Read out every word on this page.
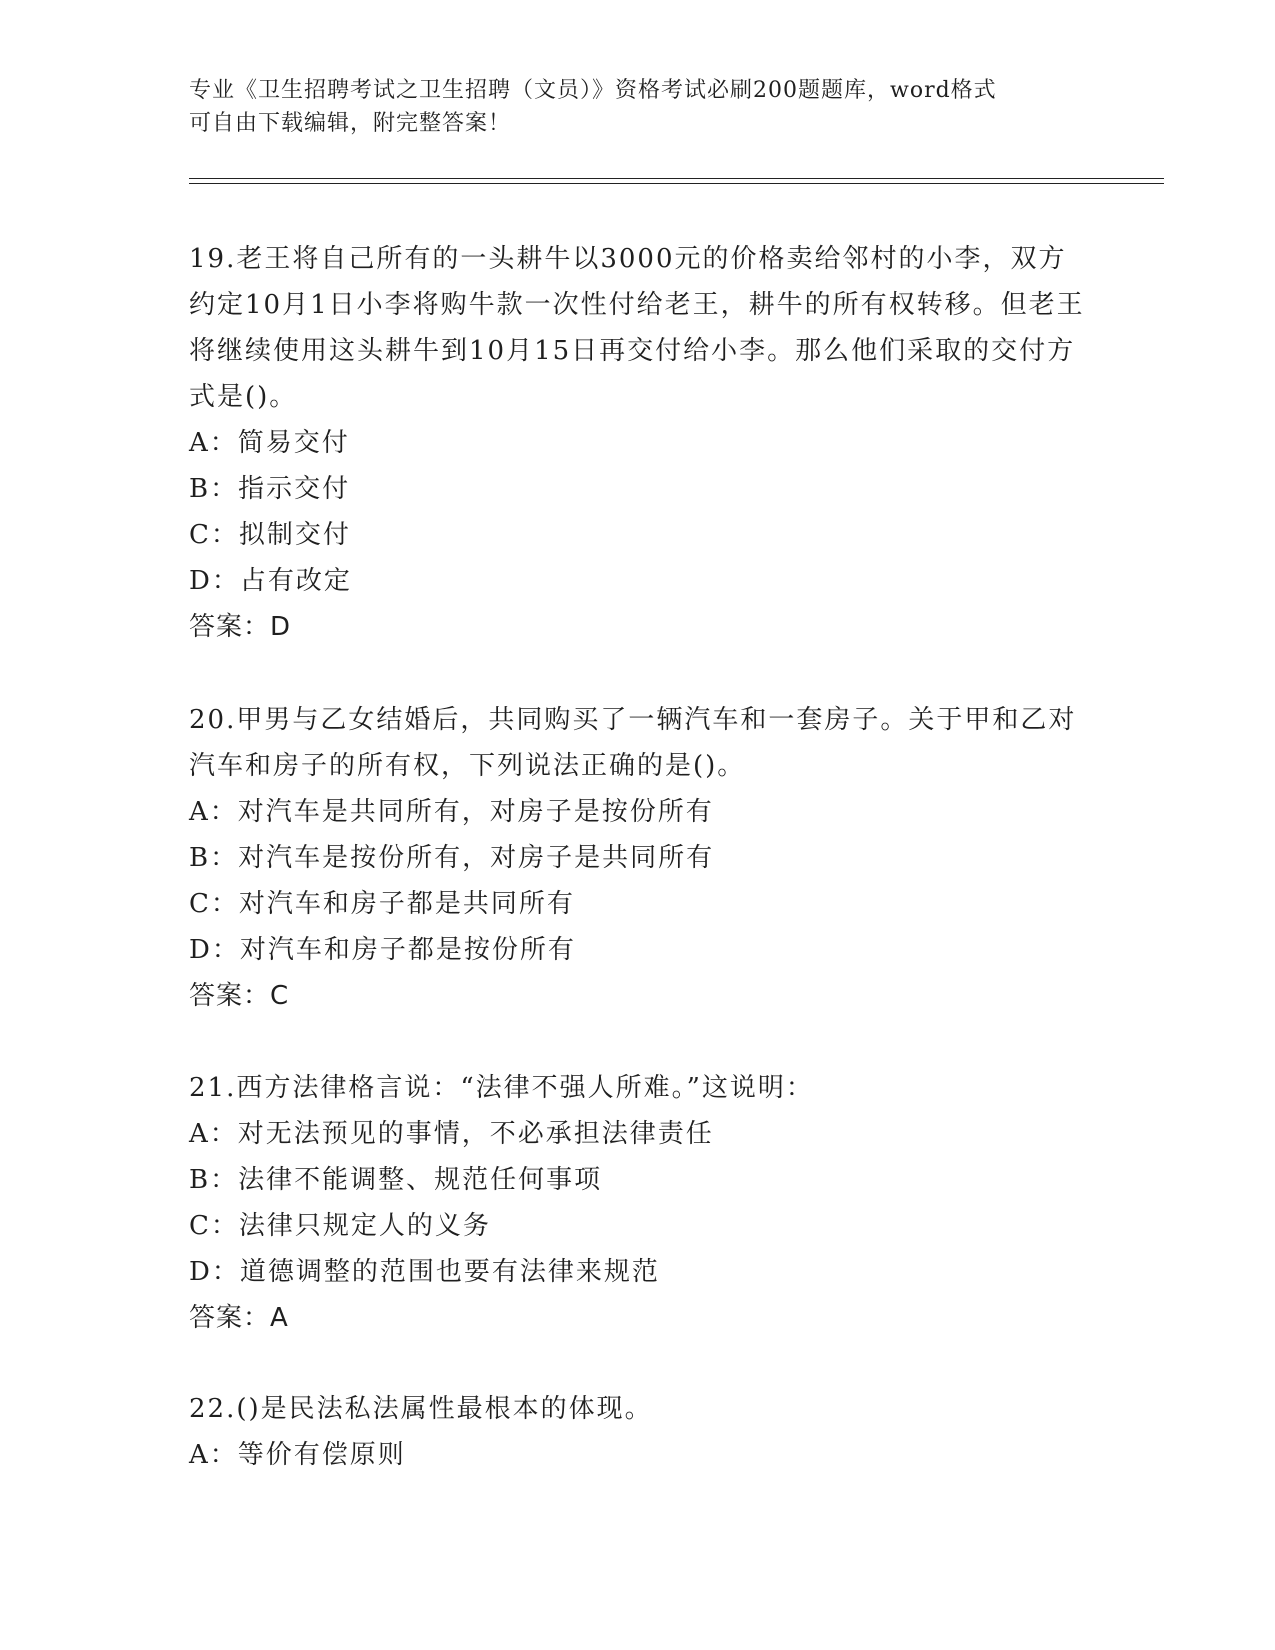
专业《卫生招聘考试之卫生招聘（文员）》资格考试必刷200题题库，word格式
可自由下载编辑，附完整答案！

19.老王将自己所有的一头耕牛以3000元的价格卖给邻村的小李，双方约定10月1日小李将购牛款一次性付给老王，耕牛的所有权转移。但老王将继续使用这头耕牛到10月15日再交付给小李。那么他们采取的交付方式是()。

A：简易交付

B：指示交付

C：拟制交付

D：占有改定

答案：D

20.甲男与乙女结婚后，共同购买了一辆汽车和一套房子。关于甲和乙对汽车和房子的所有权，下列说法正确的是()。

A：对汽车是共同所有，对房子是按份所有

B：对汽车是按份所有，对房子是共同所有

C：对汽车和房子都是共同所有

D：对汽车和房子都是按份所有

答案：C

21.西方法律格言说：“法律不强人所难。”这说明：

A：对无法预见的事情，不必承担法律责任

B：法律不能调整、规范任何事项

C：法律只规定人的义务

D：道德调整的范围也要有法律来规范

答案：A

22.()是民法私法属性最根本的体现。

A：等价有偿原则
